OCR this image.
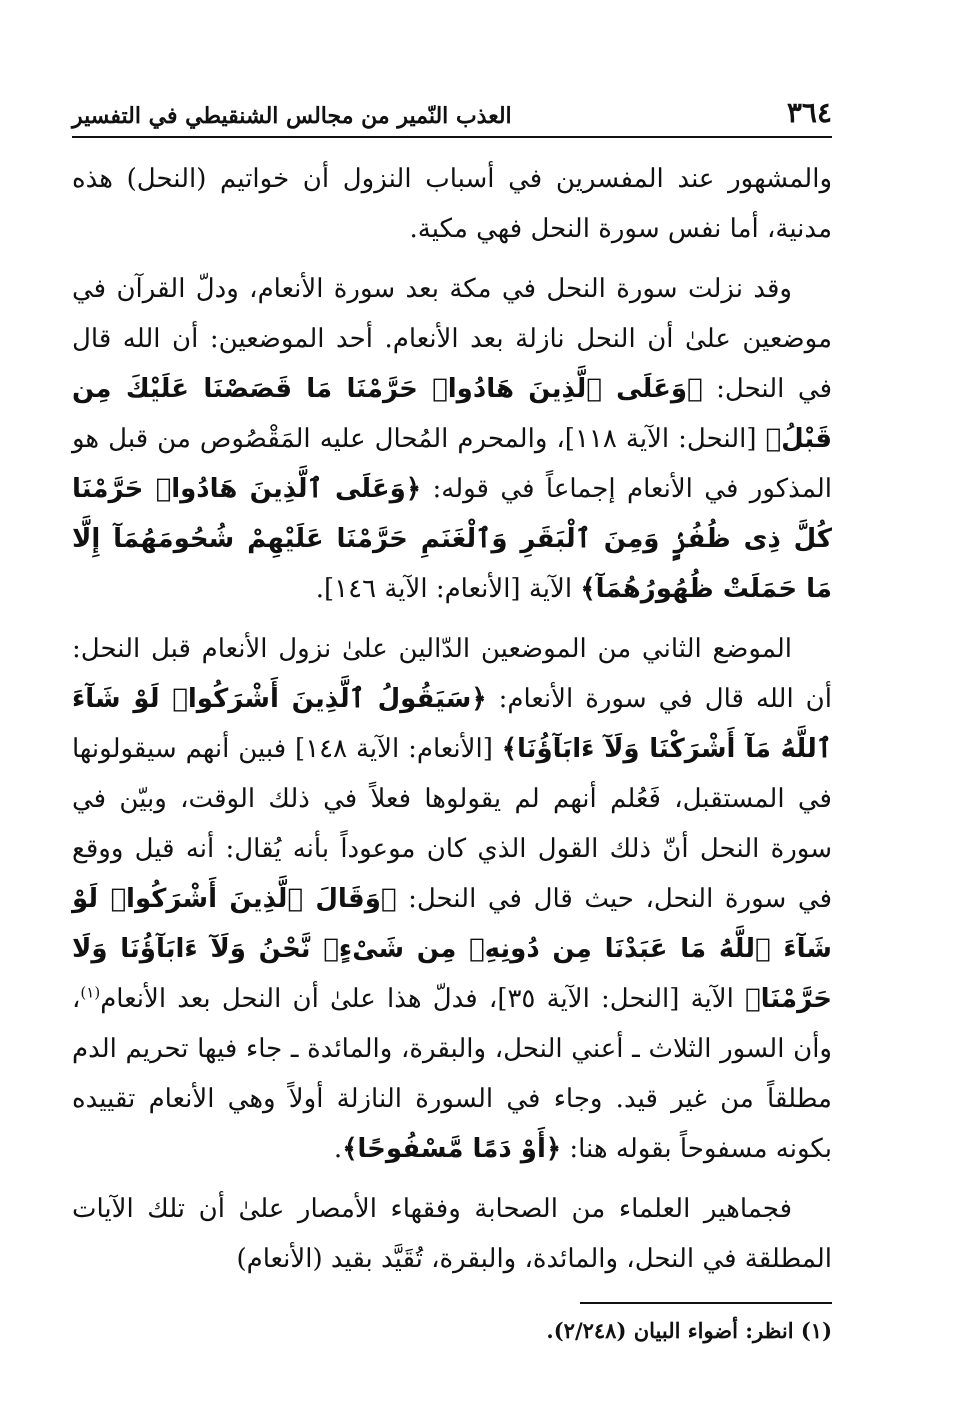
٣٦٤
العذب النّمير من مجالس الشنقيطي في التفسير

والمشهور عند المفسرين في أسباب النزول أن خواتيم (النحل) هذه مدنية، أما نفس سورة النحل فهي مكية.

وقد نزلت سورة النحل في مكة بعد سورة الأنعام، ودلّ القرآن في موضعين علىٰ أن النحل نازلة بعد الأنعام. أحد الموضعين: أن الله قال في النحل: ﴿وَعَلَى ٱلَّذِينَ هَادُوا۟ حَرَّمْنَا مَا قَصَصْنَا عَلَيْكَ مِن قَبْلُ﴾ [النحل: الآية ١١٨]، والمحرم المُحال عليه المَقْصُوص من قبل هو المذكور في الأنعام إجماعاً في قوله: ﴿وَعَلَى ٱلَّذِينَ هَادُوا۟ حَرَّمْنَا كُلَّ ذِى ظُفُرٍۢ وَمِنَ ٱلْبَقَرِ وَٱلْغَنَمِ حَرَّمْنَا عَلَيْهِمْ شُحُومَهُمَآ إِلَّا مَا حَمَلَتْ ظُهُورُهُمَآ﴾ الآية [الأنعام: الآية ١٤٦].

الموضع الثاني من الموضعين الدّالين علىٰ نزول الأنعام قبل النحل: أن الله قال في سورة الأنعام: ﴿سَيَقُولُ ٱلَّذِينَ أَشْرَكُوا۟ لَوْ شَآءَ ٱللَّهُ مَآ أَشْرَكْنَا وَلَآ ءَابَآؤُنَا﴾ [الأنعام: الآية ١٤٨] فبين أنهم سيقولونها في المستقبل، فَعُلم أنهم لم يقولوها فعلاً في ذلك الوقت، وبيّن في سورة النحل أنّ ذلك القول الذي كان موعوداً بأنه يُقال: أنه قيل ووقع في سورة النحل، حيث قال في النحل: ﴿وَقَالَ ٱلَّذِينَ أَشْرَكُوا۟ لَوْ شَآءَ ٱللَّهُ مَا عَبَدْنَا مِن دُونِهِۦ مِن شَىْءٍۢ نَّحْنُ وَلَآ ءَابَآؤُنَا وَلَا حَرَّمْنَا﴾ الآية [النحل: الآية ٣٥]، فدلّ هذا علىٰ أن النحل بعد الأنعام$^{(١)}$، وأن السور الثلاث ـ أعني النحل، والبقرة، والمائدة ـ جاء فيها تحريم الدم مطلقاً من غير قيد. وجاء في السورة النازلة أولاً وهي الأنعام تقييده بكونه مسفوحاً بقوله هنا: ﴿أَوْ دَمًا مَّسْفُوحًا﴾.

فجماهير العلماء من الصحابة وفقهاء الأمصار علىٰ أن تلك الآيات المطلقة في النحل، والمائدة، والبقرة، تُقَيَّد بقيد (الأنعام)

(١) انظر: أضواء البيان (٢/٢٤٨).
